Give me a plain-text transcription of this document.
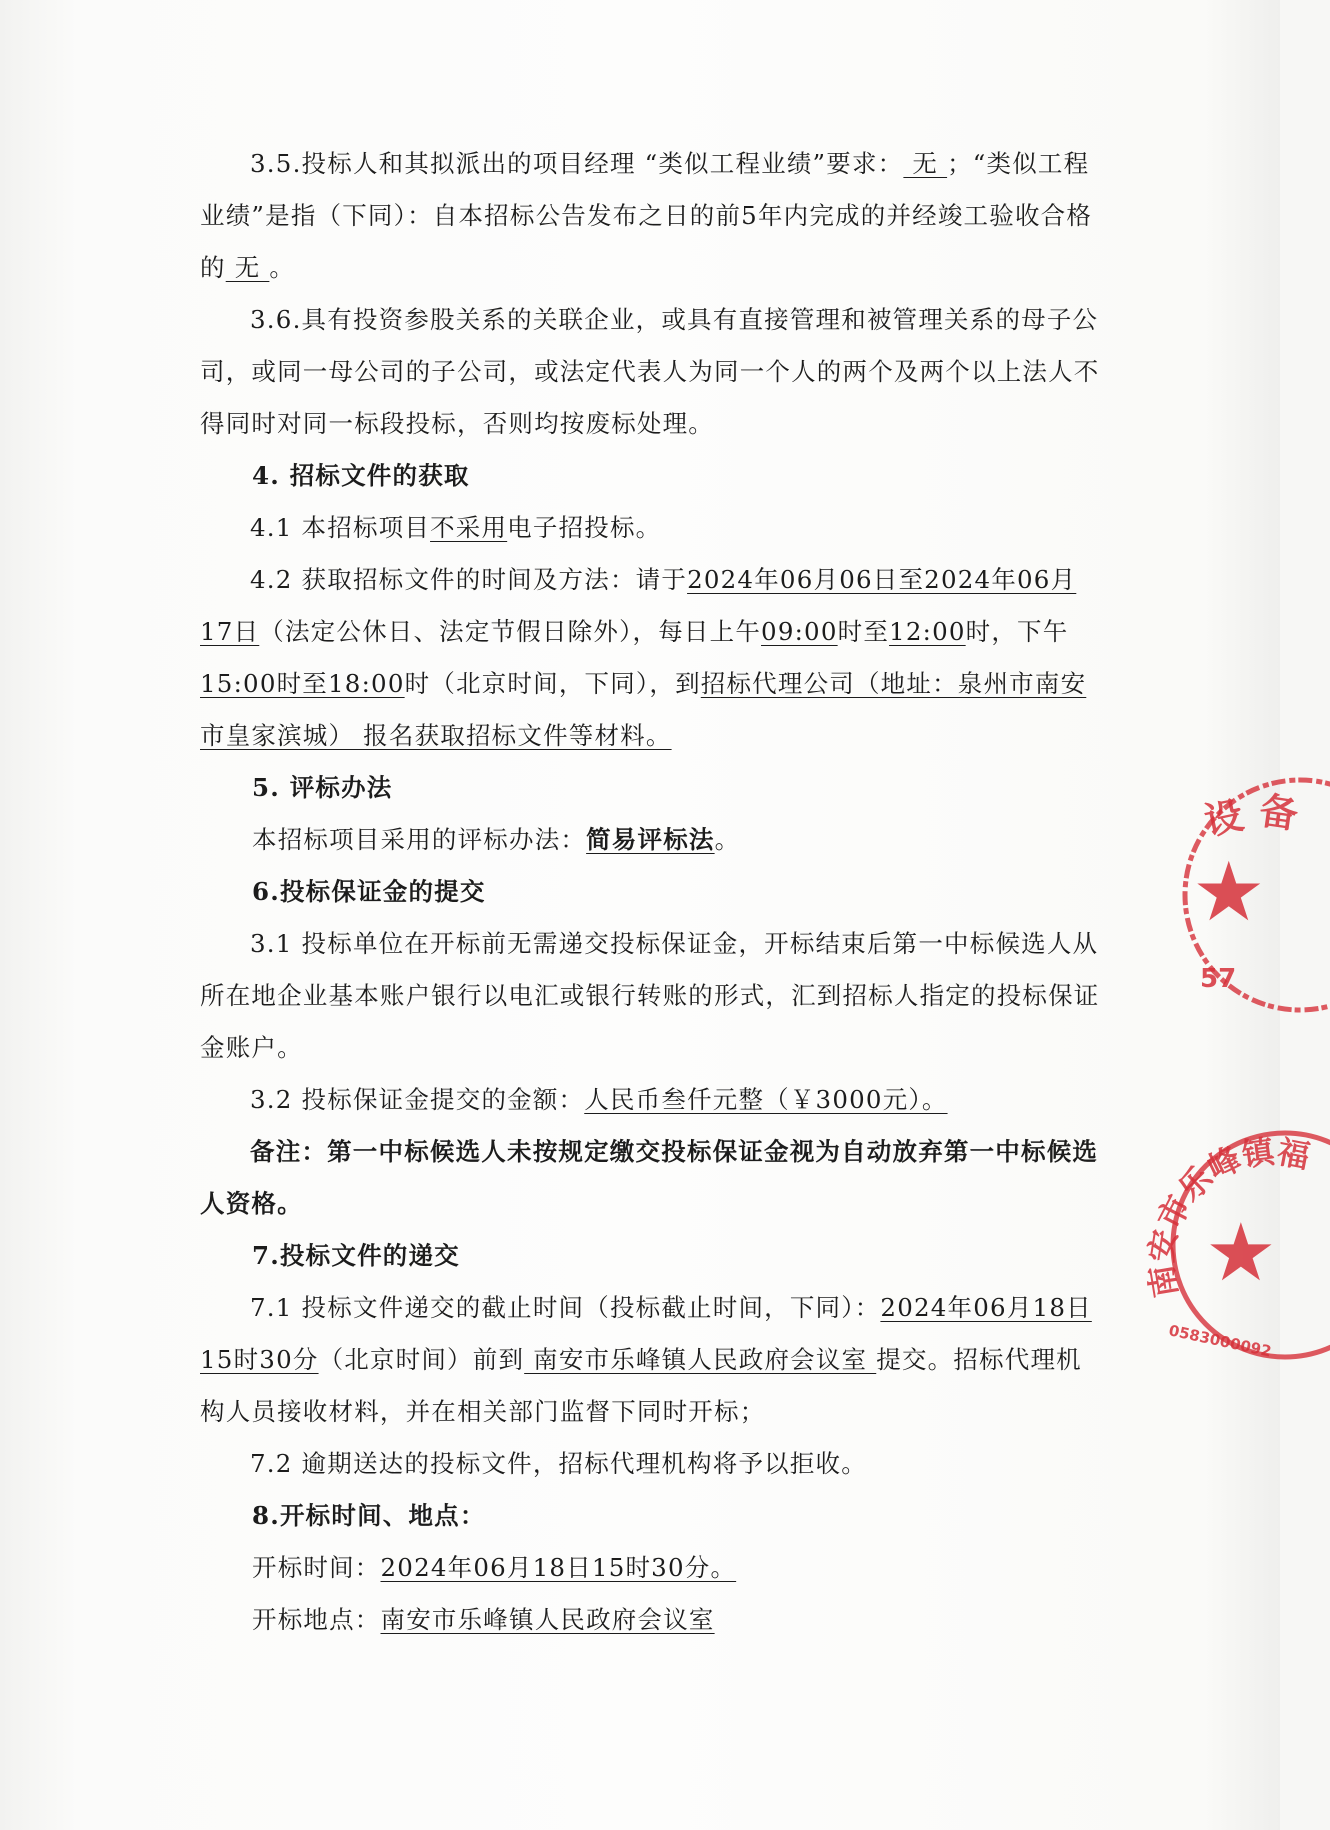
3.5.投标人和其拟派出的项目经理 “类似工程业绩”要求： 无 ；“类似工程业绩”是指（下同）：自本招标公告发布之日的前5年内完成的并经竣工验收合格的 无 。

3.6.具有投资参股关系的关联企业，或具有直接管理和被管理关系的母子公司，或同一母公司的子公司，或法定代表人为同一个人的两个及两个以上法人不得同时对同一标段投标，否则均按废标处理。

4. 招标文件的获取

4.1 本招标项目不采用电子招投标。

4.2 获取招标文件的时间及方法：请于2024年06月06日至2024年06月17日（法定公休日、法定节假日除外），每日上午09:00时至12:00时，下午15:00时至18:00时（北京时间，下同），到招标代理公司（地址：泉州市南安市皇家滨城） 报名获取招标文件等材料。

5. 评标办法

本招标项目采用的评标办法：简易评标法。

6.投标保证金的提交

3.1 投标单位在开标前无需递交投标保证金，开标结束后第一中标候选人从所在地企业基本账户银行以电汇或银行转账的形式，汇到招标人指定的投标保证金账户。

3.2 投标保证金提交的金额：人民币叁仟元整（￥3000元）。

备注：第一中标候选人未按规定缴交投标保证金视为自动放弃第一中标候选人资格。

7.投标文件的递交

7.1 投标文件递交的截止时间（投标截止时间，下同）：2024年06月18日15时30分（北京时间）前到 南安市乐峰镇人民政府会议室 提交。招标代理机构人员接收材料，并在相关部门监督下同时开标；

7.2 逾期送达的投标文件，招标代理机构将予以拒收。

8.开标时间、地点：

开标时间：2024年06月18日15时30分。

开标地点：南安市乐峰镇人民政府会议室

设 备
★
57
南安市乐峰镇福
★
0583000092
